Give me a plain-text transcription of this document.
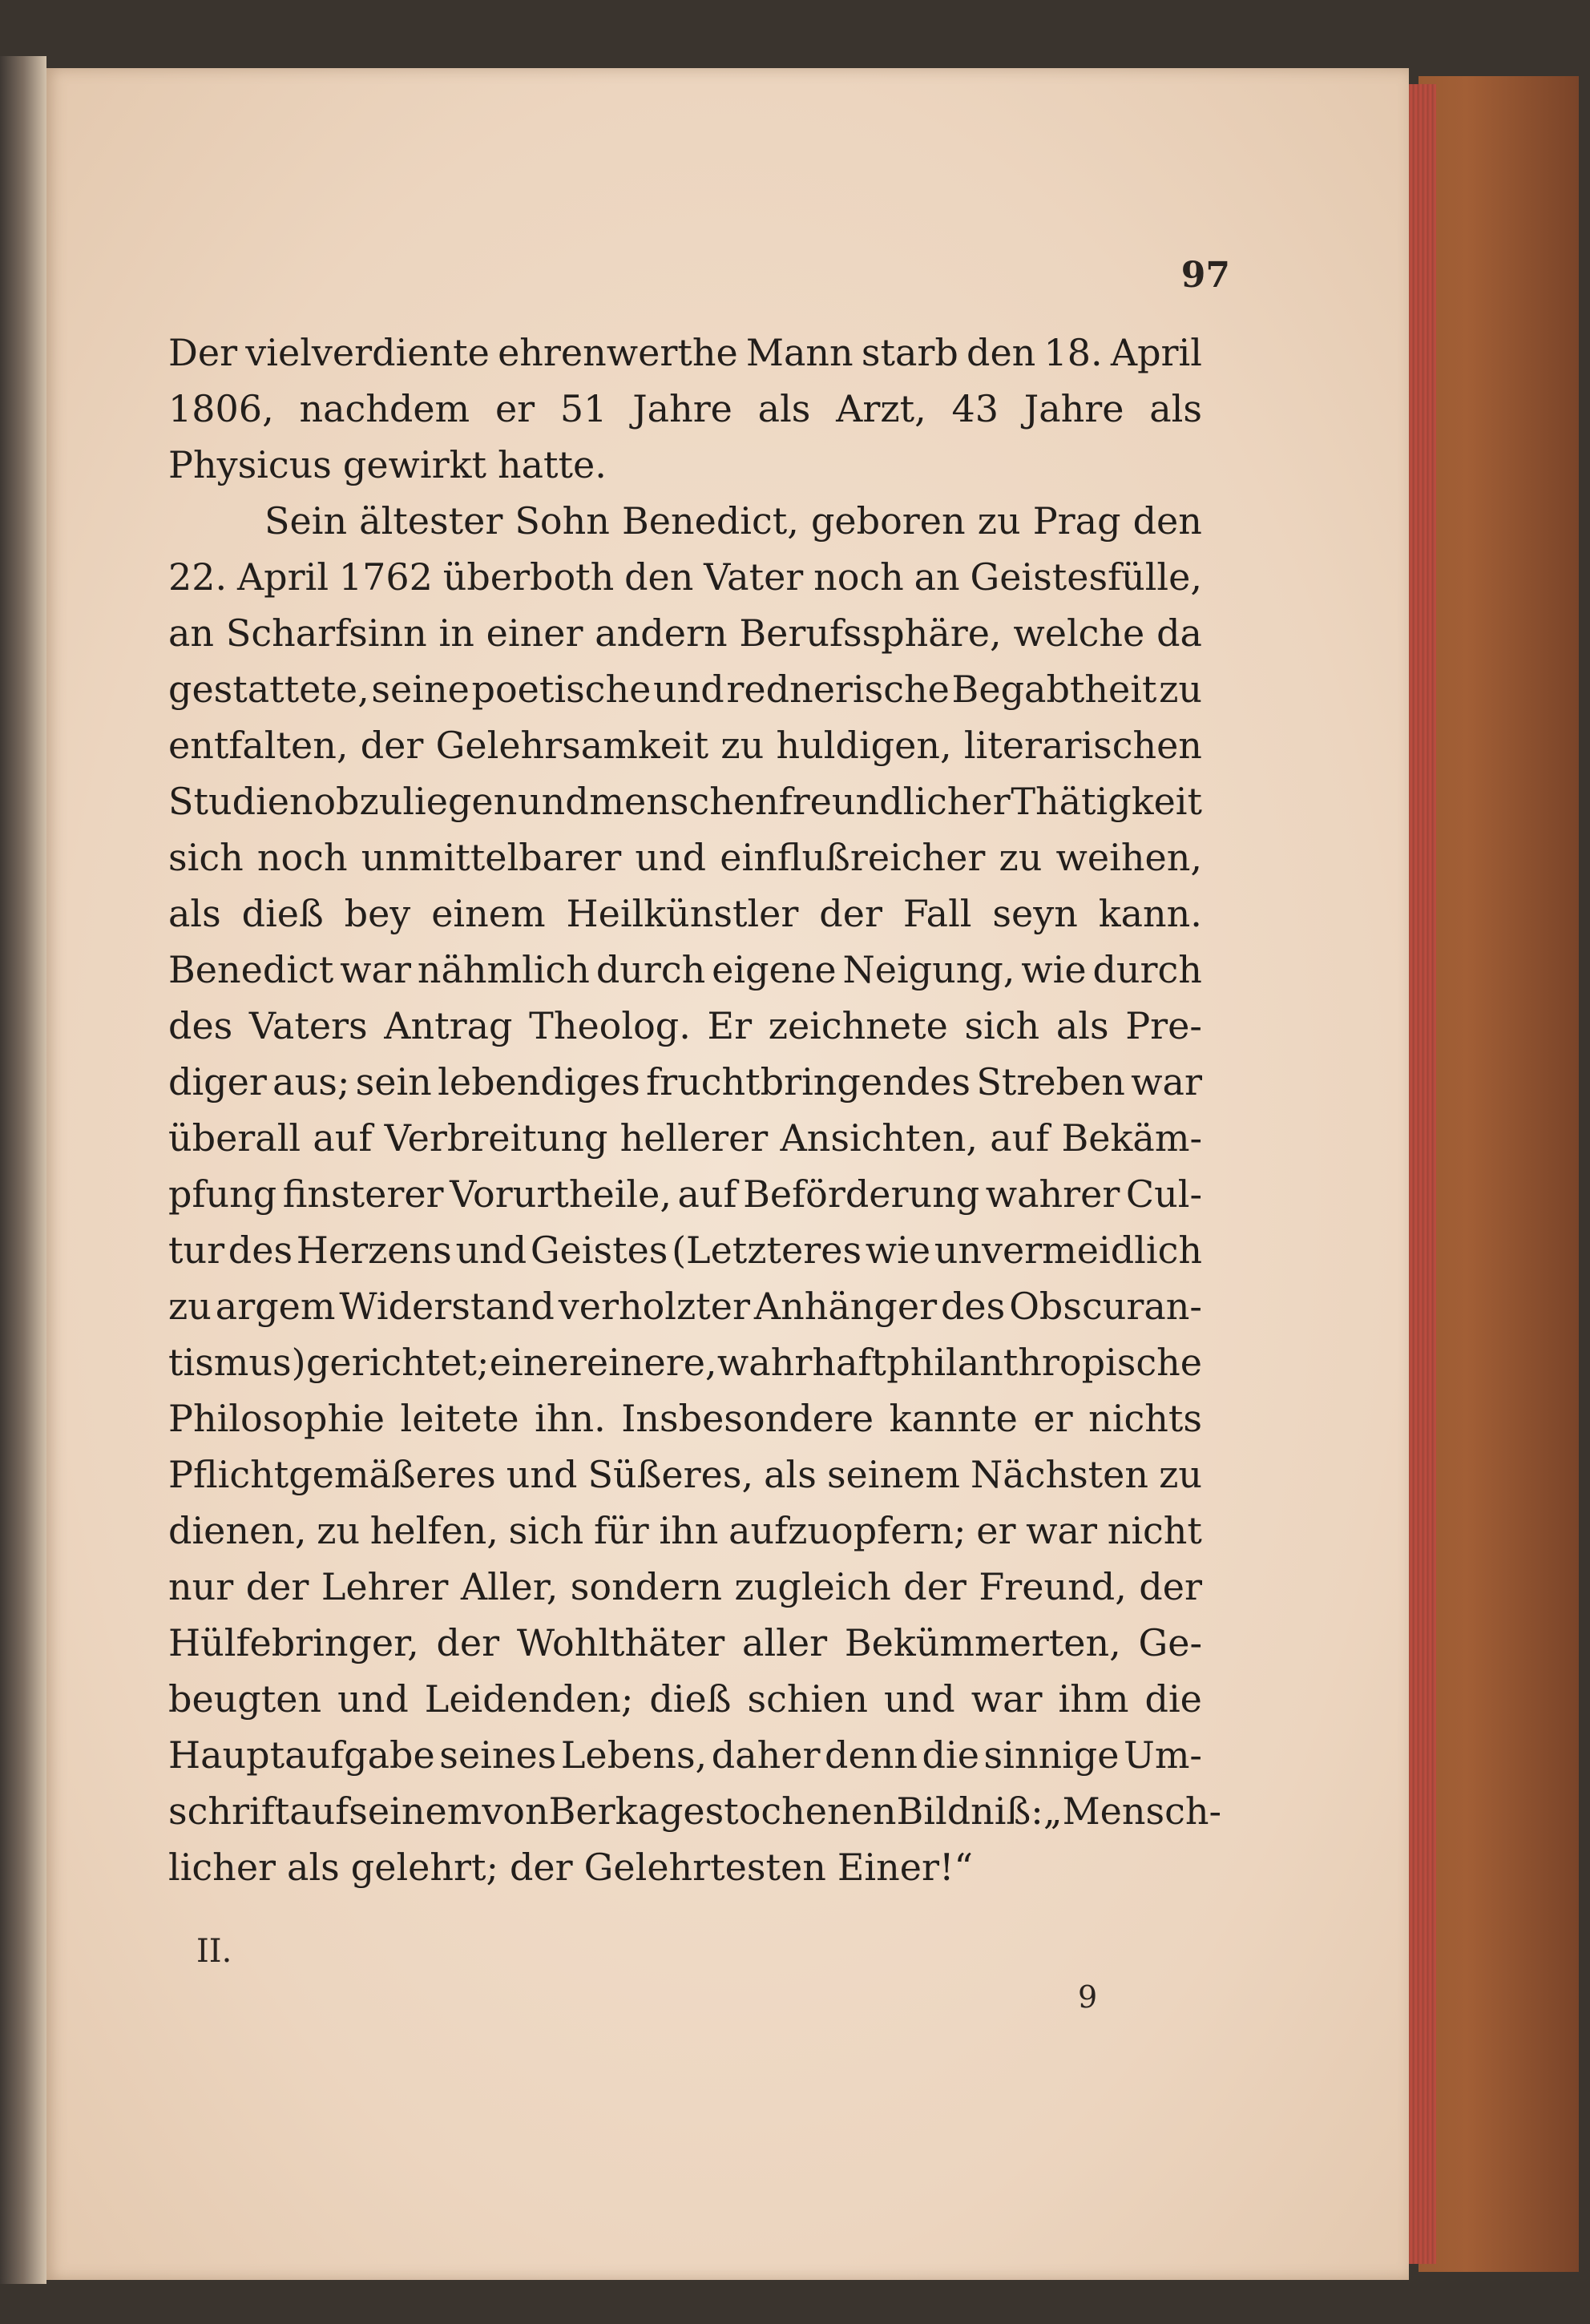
97
Der vielverdiente ehrenwerthe Mann starb den 18. April
1806, nachdem er 51 Jahre als Arzt, 43 Jahre als
Physicus gewirkt hatte.
Sein ältester Sohn Benedict, geboren zu Prag den
22. April 1762 überboth den Vater noch an Geistesfülle,
an Scharfsinn in einer andern Berufssphäre, welche da
gestattete, seine poetische und rednerische Begabtheit zu
entfalten, der Gelehrsamkeit zu huldigen, literarischen
Studien obzuliegen und menschenfreundlicher Thätigkeit
sich noch unmittelbarer und einflußreicher zu weihen,
als dieß bey einem Heilkünstler der Fall seyn kann.
Benedict war nähmlich durch eigene Neigung, wie durch
des Vaters Antrag Theolog. Er zeichnete sich als Pre-
diger aus; sein lebendiges fruchtbringendes Streben war
überall auf Verbreitung hellerer Ansichten, auf Bekäm-
pfung finsterer Vorurtheile, auf Beförderung wahrer Cul-
tur des Herzens und Geistes (Letzteres wie unvermeidlich
zu argem Widerstand verholzter Anhänger des Obscuran-
tismus) gerichtet; eine reinere, wahrhaft philanthropische
Philosophie leitete ihn. Insbesondere kannte er nichts
Pflichtgemäßeres und Süßeres, als seinem Nächsten zu
dienen, zu helfen, sich für ihn aufzuopfern; er war nicht
nur der Lehrer Aller, sondern zugleich der Freund, der
Hülfebringer, der Wohlthäter aller Bekümmerten, Ge-
beugten und Leidenden; dieß schien und war ihm die
Hauptaufgabe seines Lebens, daher denn die sinnige Um-
schrift auf seinem von Berka gestochenen Bildniß: „Mensch-
licher als gelehrt; der Gelehrtesten Einer!“
II.
9
